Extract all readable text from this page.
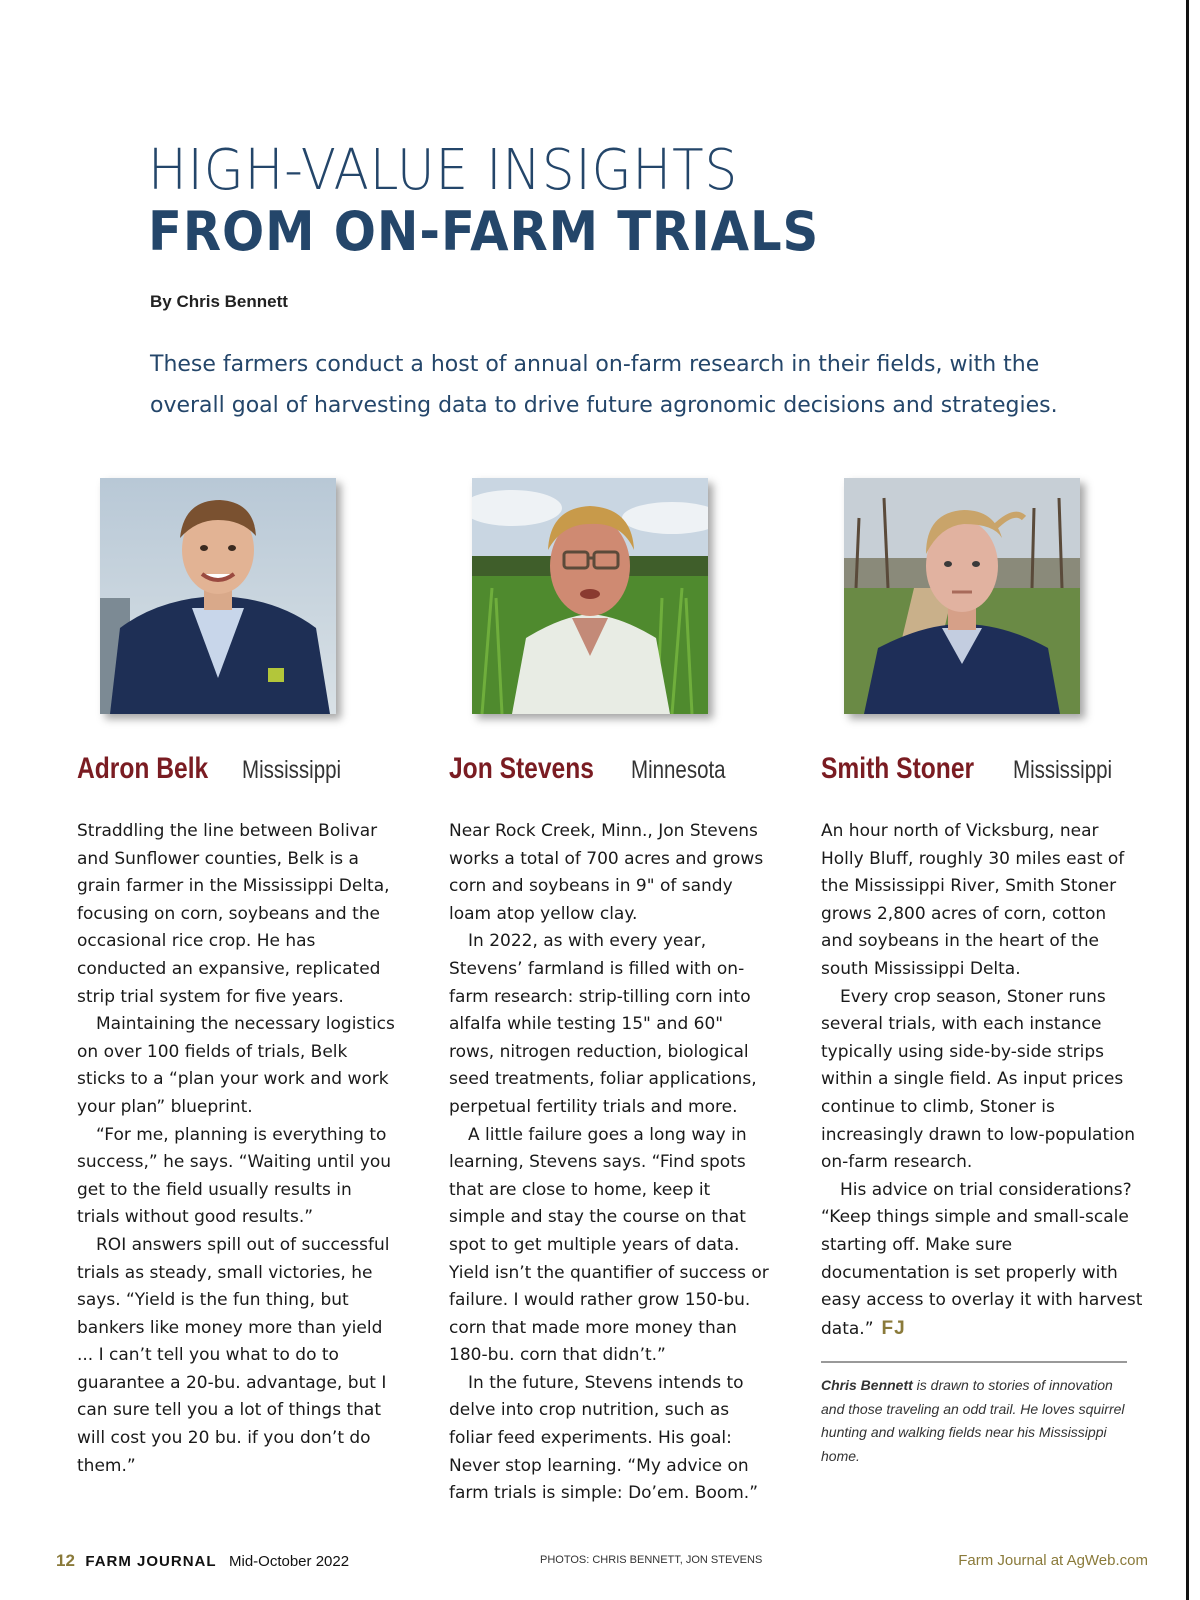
HIGH-VALUE INSIGHTS
FROM ON-FARM TRIALS
By Chris Bennett
These farmers conduct a host of annual on-farm research in their fields, with the overall goal of harvesting data to drive future agronomic decisions and strategies.
Adron Belk Mississippi

Straddling the line between Bolivar and Sunflower counties, Belk is a grain farmer in the Mississippi Delta, focusing on corn, soybeans and the occasional rice crop. He has conducted an expansive, replicated strip trial system for five years.

Maintaining the necessary logistics on over 100 fields of trials, Belk sticks to a “plan your work and work your plan” blueprint.

“For me, planning is everything to success,” he says. “Waiting until you get to the field usually results in trials without good results.”

ROI answers spill out of successful trials as steady, small victories, he says. “Yield is the fun thing, but bankers like money more than yield ... I can’t tell you what to do to guarantee a 20-bu. advantage, but I can sure tell you a lot of things that will cost you 20 bu. if you don’t do them.”

Jon Stevens Minnesota

Near Rock Creek, Minn., Jon Stevens works a total of 700 acres and grows corn and soybeans in 9" of sandy loam atop yellow clay.

In 2022, as with every year, Stevens’ farmland is filled with on-farm research: strip-tilling corn into alfalfa while testing 15" and 60" rows, nitrogen reduction, biological seed treatments, foliar applications, perpetual fertility trials and more.

A little failure goes a long way in learning, Stevens says. “Find spots that are close to home, keep it simple and stay the course on that spot to get multiple years of data. Yield isn’t the quantifier of success or failure. I would rather grow 150-bu. corn that made more money than 180-bu. corn that didn’t.”

In the future, Stevens intends to delve into crop nutrition, such as foliar feed experiments. His goal: Never stop learning. “My advice on farm trials is simple: Do’em. Boom.”

Smith Stoner Mississippi

An hour north of Vicksburg, near Holly Bluff, roughly 30 miles east of the Mississippi River, Smith Stoner grows 2,800 acres of corn, cotton and soybeans in the heart of the south Mississippi Delta.

Every crop season, Stoner runs several trials, with each instance typically using side-by-side strips within a single field. As input prices continue to climb, Stoner is increasingly drawn to low-population on-farm research.

His advice on trial considerations? “Keep things simple and small-scale starting off. Make sure documentation is set properly with easy access to overlay it with harvest data.” FJ

Chris Bennett is drawn to stories of innovation and those traveling an odd trail. He loves squirrel hunting and walking fields near his Mississippi home.
12 FARM JOURNAL Mid-October 2022	PHOTOS: CHRIS BENNETT, JON STEVENS	Farm Journal at AgWeb.com
